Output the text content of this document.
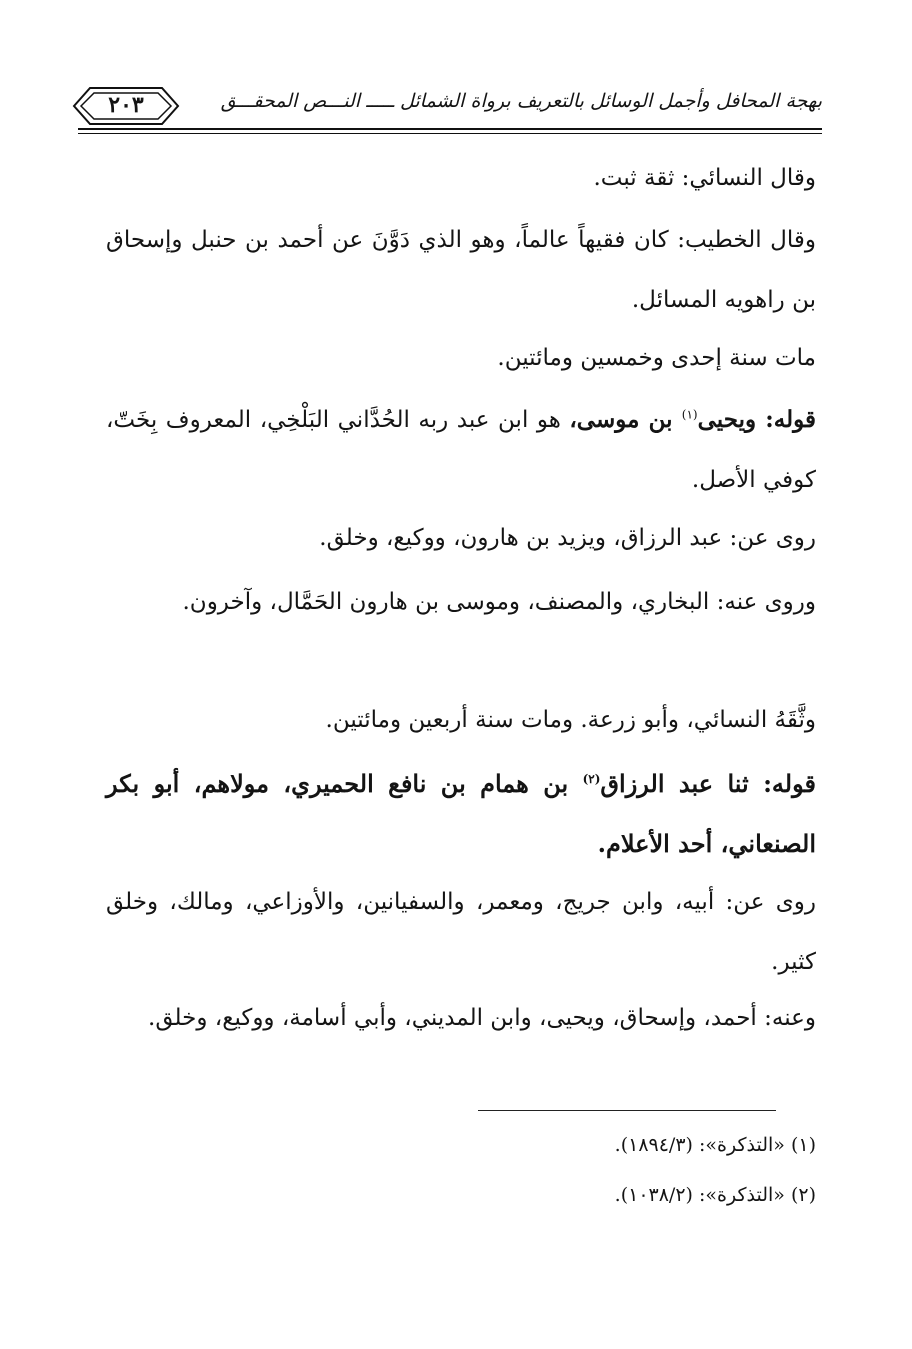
٢٠٣	بهجة المحافل وأجمل الوسائل بالتعريف برواة الشمائل ـــــ النـــص المحقـــق

وقال النسائي: ثقة ثبت.

وقال الخطيب: كان فقيهاً عالماً، وهو الذي دَوَّنَ عن أحمد بن حنبل وإسحاق بن راهويه المسائل.

مات سنة إحدى وخمسين ومائتين.

قوله: ويحيى$^{(١)}$ بن موسى، هو ابن عبد ربه الحُدَّاني البَلْخِي، المعروف بِخَتّ، كوفي الأصل.

روى عن: عبد الرزاق، ويزيد بن هارون، ووكيع، وخلق.

وروى عنه: البخاري، والمصنف، وموسى بن هارون الحَمَّال، وآخرون.

وثَّقَهُ النسائي، وأبو زرعة. ومات سنة أربعين ومائتين.

قوله: ثنا عبد الرزاق$^{(٢)}$ بن همام بن نافع الحميري، مولاهم، أبو بكر الصنعاني، أحد الأعلام.

روى عن: أبيه، وابن جريج، ومعمر، والسفيانين، والأوزاعي، ومالك، وخلق كثير.

وعنه: أحمد، وإسحاق، ويحيى، وابن المديني، وأبي أسامة، ووكيع، وخلق.

(١) «التذكرة»: (١٨٩٤/٣).
(٢) «التذكرة»: (١٠٣٨/٢).
